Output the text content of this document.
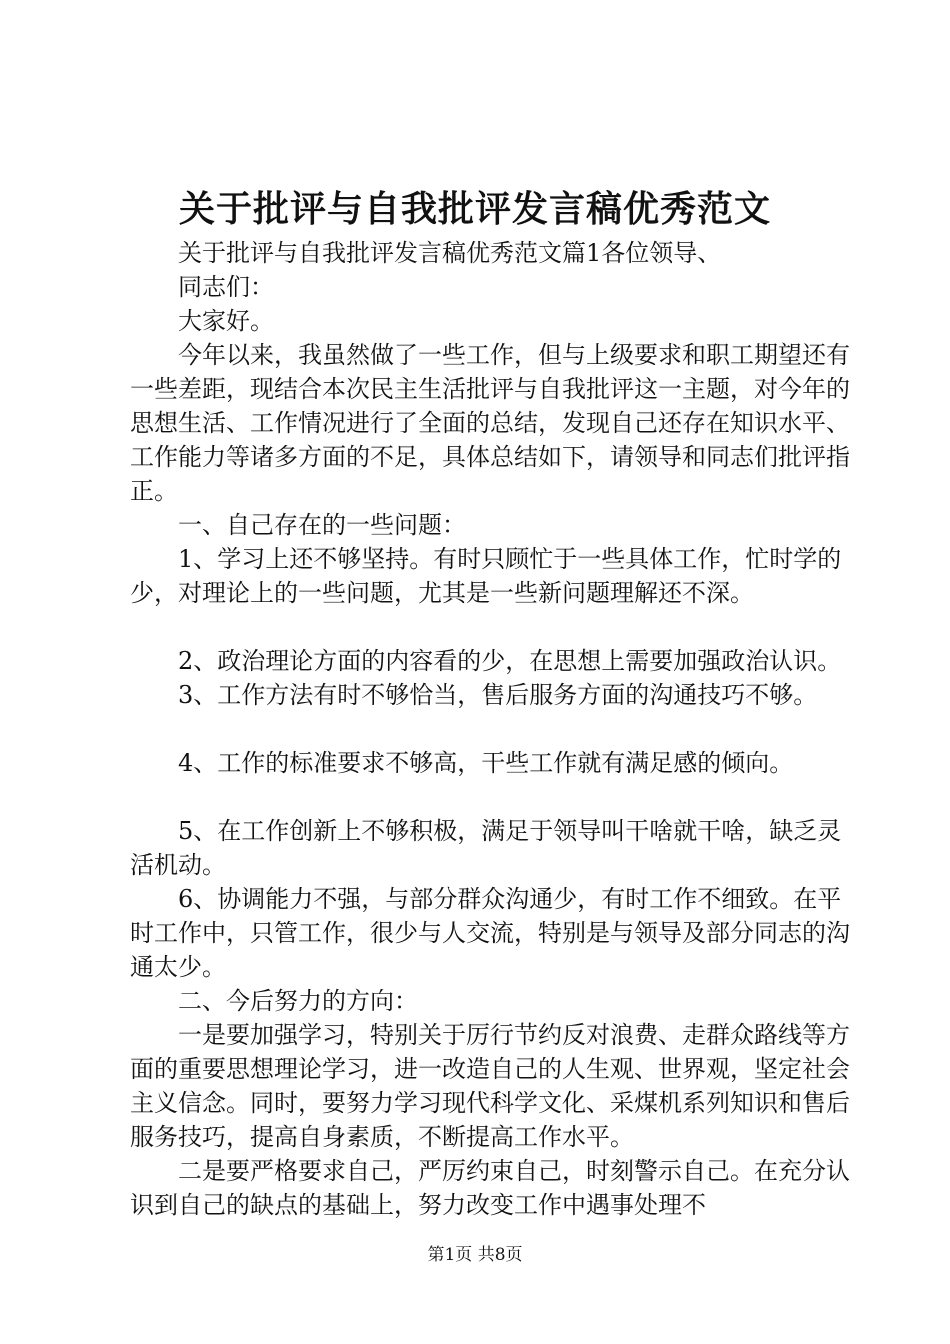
关于批评与自我批评发言稿优秀范文

关于批评与自我批评发言稿优秀范文篇1各位领导、

同志们：

大家好。

今年以来，我虽然做了一些工作，但与上级要求和职工期望还有一些差距，现结合本次民主生活批评与自我批评这一主题，对今年的思想生活、工作情况进行了全面的总结，发现自己还存在知识水平、工作能力等诸多方面的不足，具体总结如下，请领导和同志们批评指正。

一、自己存在的一些问题：

1、学习上还不够坚持。有时只顾忙于一些具体工作，忙时学的少，对理论上的一些问题，尤其是一些新问题理解还不深。

2、政治理论方面的内容看的少，在思想上需要加强政治认识。

3、工作方法有时不够恰当，售后服务方面的沟通技巧不够。

4、工作的标准要求不够高，干些工作就有满足感的倾向。

5、在工作创新上不够积极，满足于领导叫干啥就干啥，缺乏灵活机动。

6、协调能力不强，与部分群众沟通少，有时工作不细致。在平时工作中，只管工作，很少与人交流，特别是与领导及部分同志的沟通太少。

二、今后努力的方向：

一是要加强学习，特别关于厉行节约反对浪费、走群众路线等方面的重要思想理论学习，进一改造自己的人生观、世界观，坚定社会主义信念。同时，要努力学习现代科学文化、采煤机系列知识和售后服务技巧，提高自身素质，不断提高工作水平。

二是要严格要求自己，严厉约束自己，时刻警示自己。在充分认识到自己的缺点的基础上，努力改变工作中遇事处理不

第1页 共8页
